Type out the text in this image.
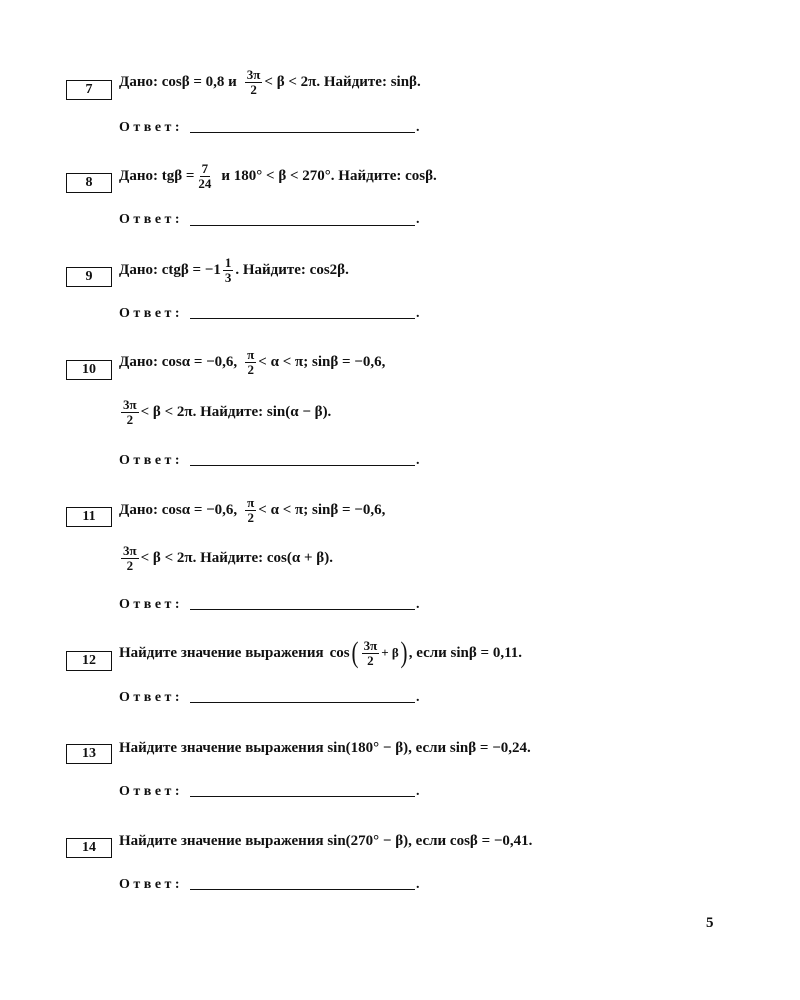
7	Дано: cosβ = 0,8 и $\frac{3\pi}{2} < \beta < 2\pi$. Найдите: sinβ.
Ответ:	.
8	Дано: $tg\beta = \frac{7}{24}$ и 180° < β < 270°. Найдите: cosβ.
Ответ:	.
9	Дано: $ctg\beta = -1 \frac{1}{3}$ . Найдите: cos2β.
Ответ:	.
10	Дано: cosα = −0,6, $\frac{\pi}{2} < \alpha < \pi$; sinβ = −0,6,
$\frac{3\pi}{2} < \beta < 2\pi$. Найдите: sin(α − β).
Ответ:	.
11	Дано: cosα = −0,6, $\frac{\pi}{2} < \alpha < \pi$; sinβ = −0,6,
$\frac{3\pi}{2} < \beta < 2\pi$. Найдите: cos(α + β).
Ответ:	.
12	Найдите значение выражения cos ( $\frac{3\pi}{2} + \beta$ ) , если sinβ = 0,11.
Ответ:	.
13	Найдите значение выражения sin(180° − β), если sinβ = −0,24.
Ответ:	.
14	Найдите значение выражения sin(270° − β), если cosβ = −0,41.
Ответ:	.
5
